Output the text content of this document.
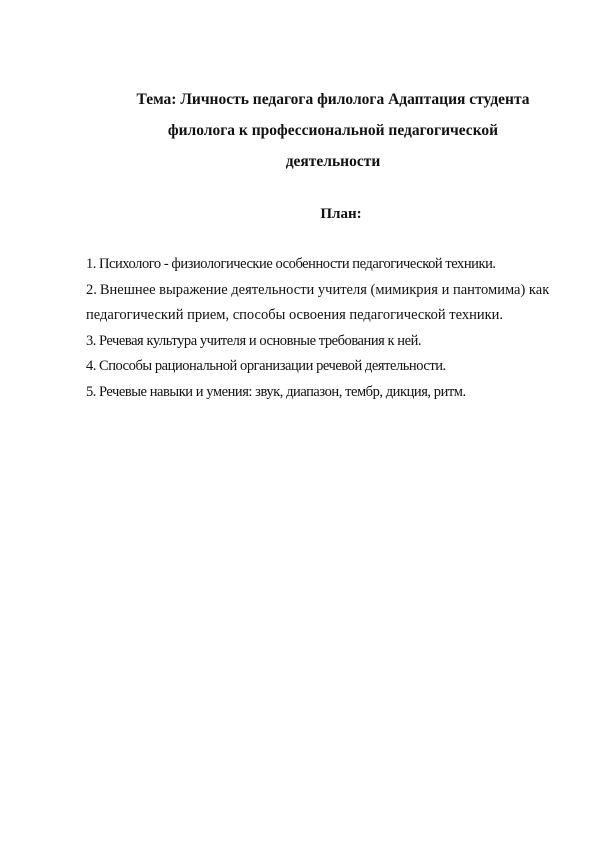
Тема: Личность педагога филолога Адаптация студента
филолога к профессиональной педагогической
деятельности
План:
1. Психолого - физиологические особенности педагогической техники.
2. Внешнее выражение деятельности учителя (мимикрия и пантомима) как педагогический прием, способы освоения педагогической техники.
3. Речевая культура учителя и основные требования к ней.
4. Способы рациональной организации речевой деятельности.
5. Речевые навыки и умения: звук, диапазон, тембр, дикция, ритм.
